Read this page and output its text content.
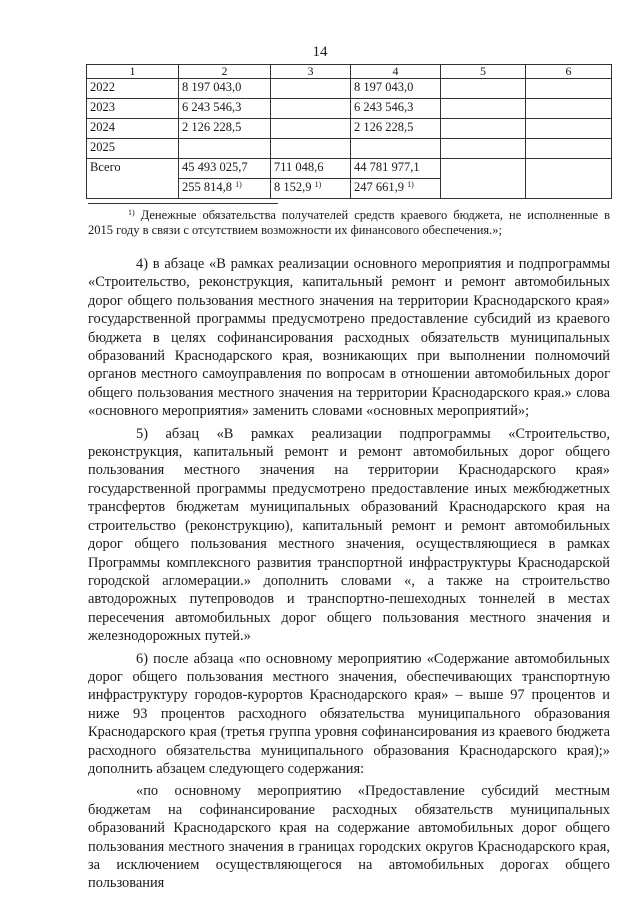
14
1	2	3	4	5	6
2022	8 197 043,0		8 197 043,0		
2023	6 243 546,3		6 243 546,3		
2024	2 126 228,5		2 126 228,5		
2025					
Всего	45 493 025,7	711 048,6	44 781 977,1		
	255 814,8 $^{1)}$	8 152,9 $^{1)}$	247 661,9 $^{1)}$
$^{1)}$ Денежные обязательства получателей средств краевого бюджета, не исполненные в 2015 году в связи с отсутствием возможности их финансового обеспечения.»;

4) в абзаце «В рамках реализации основного мероприятия и подпрограммы «Строительство, реконструкция, капитальный ремонт и ремонт автомобильных дорог общего пользования местного значения на территории Краснодарского края» государственной программы предусмотрено предоставление субсидий из краевого бюджета в целях софинансирования расходных обязательств муниципальных образований Краснодарского края, возникающих при выполнении полномочий органов местного самоуправления по вопросам в отношении автомобильных дорог общего пользования местного значения на территории Краснодарского края.» слова «основного мероприятия» заменить словами «основных мероприятий»;

5) абзац «В рамках реализации подпрограммы «Строительство, реконструкция, капитальный ремонт и ремонт автомобильных дорог общего пользования местного значения на территории Краснодарского края» государственной программы предусмотрено предоставление иных межбюджетных трансфертов бюджетам муниципальных образований Краснодарского края на строительство (реконструкцию), капитальный ремонт и ремонт автомобильных дорог общего пользования местного значения, осуществляющиеся в рамках Программы комплексного развития транспортной инфраструктуры Краснодарской городской агломерации.» дополнить словами «, а также на строительство автодорожных путепроводов и транспортно-пешеходных тоннелей в местах пересечения автомобильных дорог общего пользования местного значения и железнодорожных путей.»

6) после абзаца «по основному мероприятию «Содержание автомобильных дорог общего пользования местного значения, обеспечивающих транспортную инфраструктуру городов-курортов Краснодарского края» – выше 97 процентов и ниже 93 процентов расходного обязательства муниципального образования Краснодарского края (третья группа уровня софинансирования из краевого бюджета расходного обязательства муниципального образования Краснодарского края);» дополнить абзацем следующего содержания:

«по основному мероприятию «Предоставление субсидий местным бюджетам на софинансирование расходных обязательств муниципальных образований Краснодарского края на содержание автомобильных дорог общего пользования местного значения в границах городских округов Краснодарского края, за исключением осуществляющегося на автомобильных дорогах общего пользования
